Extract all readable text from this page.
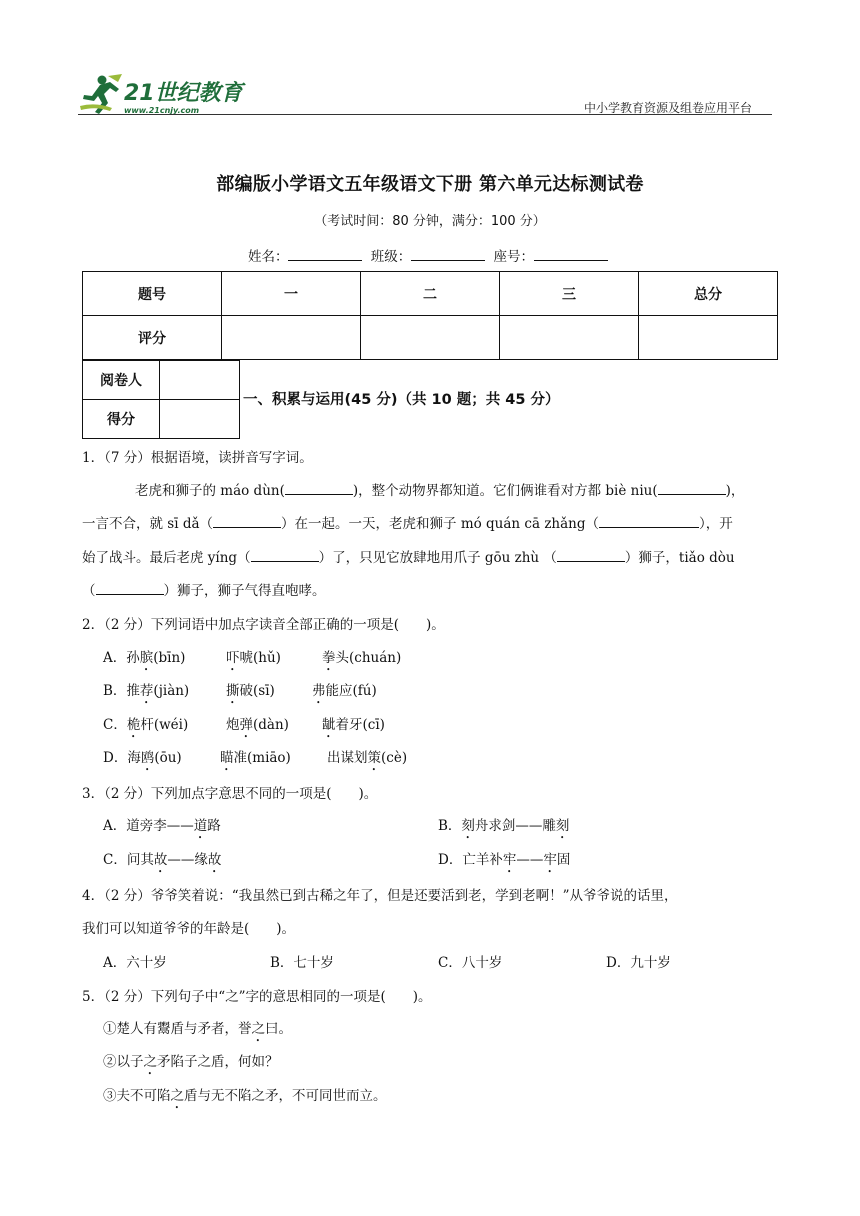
21世纪教育
www.21cnjy.com	中小学教育资源及组卷应用平台
部编版小学语文五年级语文下册 第六单元达标测试卷
（考试时间：80 分钟，满分：100 分）
姓名：	班级：	座号：
题号	一	二	三	总分
评分				
阅卷人	
得分	
一、积累与运用(45 分)（共 10 题；共 45 分）
1．（7 分）根据语境，读拼音写字词。
老虎和狮子的 máo dùn(	)，整个动物界都知道。它们俩谁看对方都 biè niu(	)，
一言不合，就 sī dǎ（	）在一起。一天，老虎和狮子 mó quán cā zhǎng（	），开
始了战斗。最后老虎 yíng（	）了，只见它放肆地用爪子 gōu zhù （	）狮子，tiǎo dòu
（	）狮子，狮子气得直咆哮。
2．（2 分）下列词语中加点字读音全部正确的一项是(　　)。
A．孙膑(bīn)	吓唬(hǔ)	拳头(chuán)
B．推荐(jiàn)	撕破(sī)	弗能应(fú)
C．桅杆(wéi)	炮弹(dàn) 龇着牙(cī)
D．海鸥(ōu)	瞄准(miāo)	出谋划策(cè)
3．（2 分）下列加点字意思不同的一项是(　　)。
A．道旁李——道路	B．刻舟求剑——雕刻
C．问其故——缘故	D．亡羊补牢——牢固
4．（2 分）爷爷笑着说：“我虽然已到古稀之年了，但是还要活到老，学到老啊！”从爷爷说的话里，
我们可以知道爷爷的年龄是(　　)。
A．六十岁	B．七十岁	C．八十岁	D．九十岁
5．（2 分）下列句子中“之”字的意思相同的一项是(　　)。
①楚人有鬻盾与矛者，誉之曰。
②以子之矛陷子之盾，何如？
③夫不可陷之盾与无不陷之矛，不可同世而立。
